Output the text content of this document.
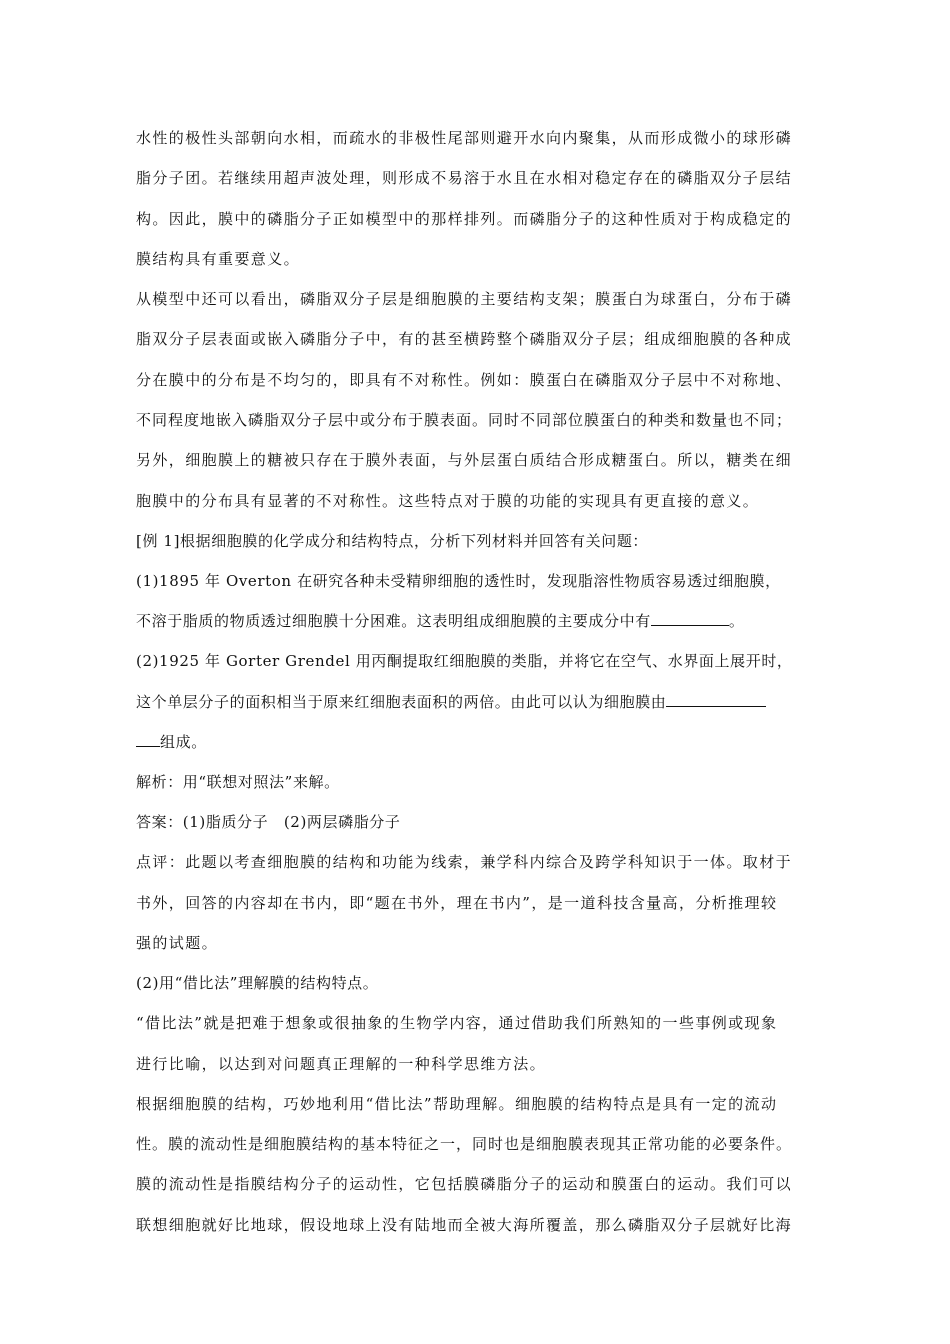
水性的极性头部朝向水相，而疏水的非极性尾部则避开水向内聚集，从而形成微小的球形磷
脂分子团。若继续用超声波处理，则形成不易溶于水且在水相对稳定存在的磷脂双分子层结
构。因此，膜中的磷脂分子正如模型中的那样排列。而磷脂分子的这种性质对于构成稳定的
膜结构具有重要意义。
从模型中还可以看出，磷脂双分子层是细胞膜的主要结构支架；膜蛋白为球蛋白，分布于磷
脂双分子层表面或嵌入磷脂分子中，有的甚至横跨整个磷脂双分子层；组成细胞膜的各种成
分在膜中的分布是不均匀的，即具有不对称性。例如：膜蛋白在磷脂双分子层中不对称地、
不同程度地嵌入磷脂双分子层中或分布于膜表面。同时不同部位膜蛋白的种类和数量也不同；
另外，细胞膜上的糖被只存在于膜外表面，与外层蛋白质结合形成糖蛋白。所以，糖类在细
胞膜中的分布具有显著的不对称性。这些特点对于膜的功能的实现具有更直接的意义。
[例 1]根据细胞膜的化学成分和结构特点，分析下列材料并回答有关问题：
(1)1895 年 Overton 在研究各种未受精卵细胞的透性时，发现脂溶性物质容易透过细胞膜，
不溶于脂质的物质透过细胞膜十分困难。这表明组成细胞膜的主要成分中有	。
(2)1925 年 Gorter Grendel 用丙酮提取红细胞膜的类脂，并将它在空气、水界面上展开时，
这个单层分子的面积相当于原来红细胞表面积的两倍。由此可以认为细胞膜由
组成。
解析：用“联想对照法”来解。
答案：(1)脂质分子　(2)两层磷脂分子
点评：此题以考查细胞膜的结构和功能为线索，兼学科内综合及跨学科知识于一体。取材于
书外，回答的内容却在书内，即“题在书外，理在书内”，是一道科技含量高，分析推理较
强的试题。
(2)用“借比法”理解膜的结构特点。
“借比法”就是把难于想象或很抽象的生物学内容，通过借助我们所熟知的一些事例或现象
进行比喻，以达到对问题真正理解的一种科学思维方法。
根据细胞膜的结构，巧妙地利用“借比法”帮助理解。细胞膜的结构特点是具有一定的流动
性。膜的流动性是细胞膜结构的基本特征之一，同时也是细胞膜表现其正常功能的必要条件。
膜的流动性是指膜结构分子的运动性，它包括膜磷脂分子的运动和膜蛋白的运动。我们可以
联想细胞就好比地球，假设地球上没有陆地而全被大海所覆盖，那么磷脂双分子层就好比海
